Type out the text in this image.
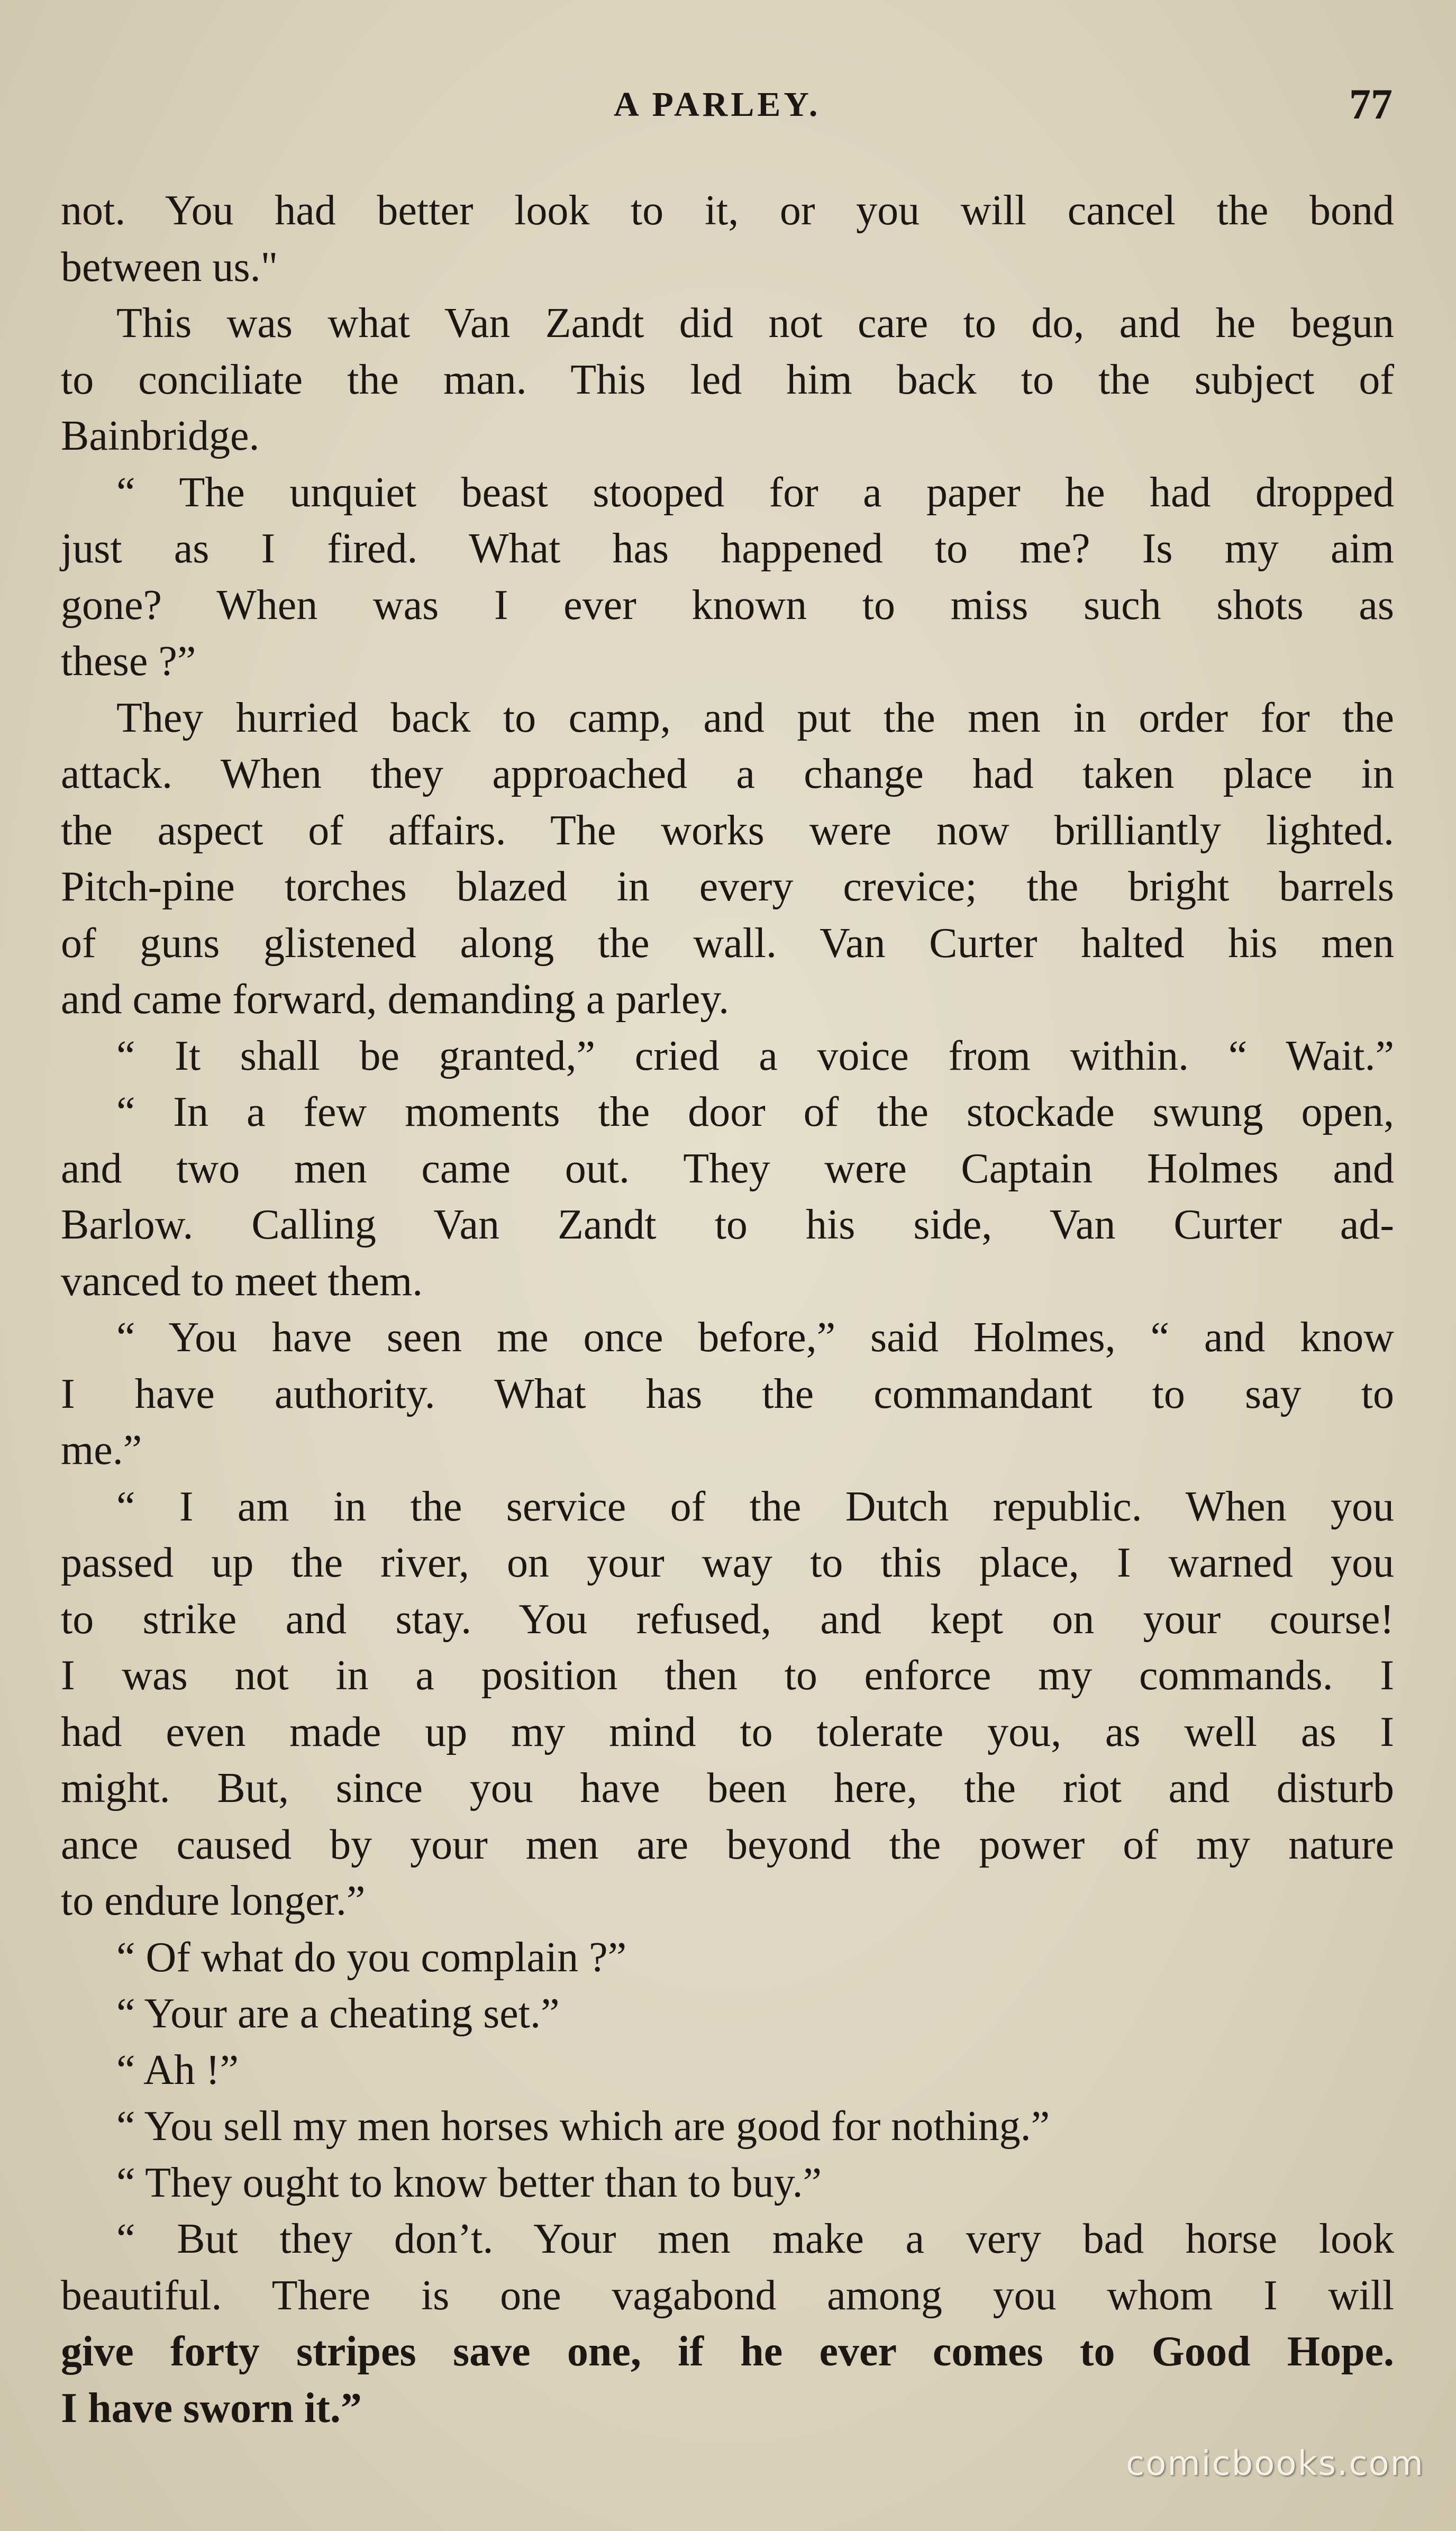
A PARLEY.	77
not. You had better look to it, or you will cancel the bond
between us."
This was what Van Zandt did not care to do, and he begun
to conciliate the man. This led him back to the subject of
Bainbridge.
“ The unquiet beast stooped for a paper he had dropped
just as I fired. What has happened to me? Is my aim
gone? When was I ever known to miss such shots as
these ?”
They hurried back to camp, and put the men in order for the
attack. When they approached a change had taken place in
the aspect of affairs. The works were now brilliantly lighted.
Pitch-pine torches blazed in every crevice; the bright barrels
of guns glistened along the wall. Van Curter halted his men
and came forward, demanding a parley.
“ It shall be granted,” cried a voice from within. “ Wait.”
“ In a few moments the door of the stockade swung open,
and two men came out. They were Captain Holmes and
Barlow. Calling Van Zandt to his side, Van Curter ad-
vanced to meet them.
“ You have seen me once before,” said Holmes, “ and know
I have authority. What has the commandant to say to
me.”
“ I am in the service of the Dutch republic. When you
passed up the river, on your way to this place, I warned you
to strike and stay. You refused, and kept on your course!
I was not in a position then to enforce my commands. I
had even made up my mind to tolerate you, as well as I
might. But, since you have been here, the riot and disturb
ance caused by your men are beyond the power of my nature
to endure longer.”
“ Of what do you complain ?”
“ Your are a cheating set.”
“ Ah !”
“ You sell my men horses which are good for nothing.”
“ They ought to know better than to buy.”
“ But they don’t. Your men make a very bad horse look
beautiful. There is one vagabond among you whom I will
give forty stripes save one, if he ever comes to Good Hope.
I have sworn it.”
comicbooks.com
